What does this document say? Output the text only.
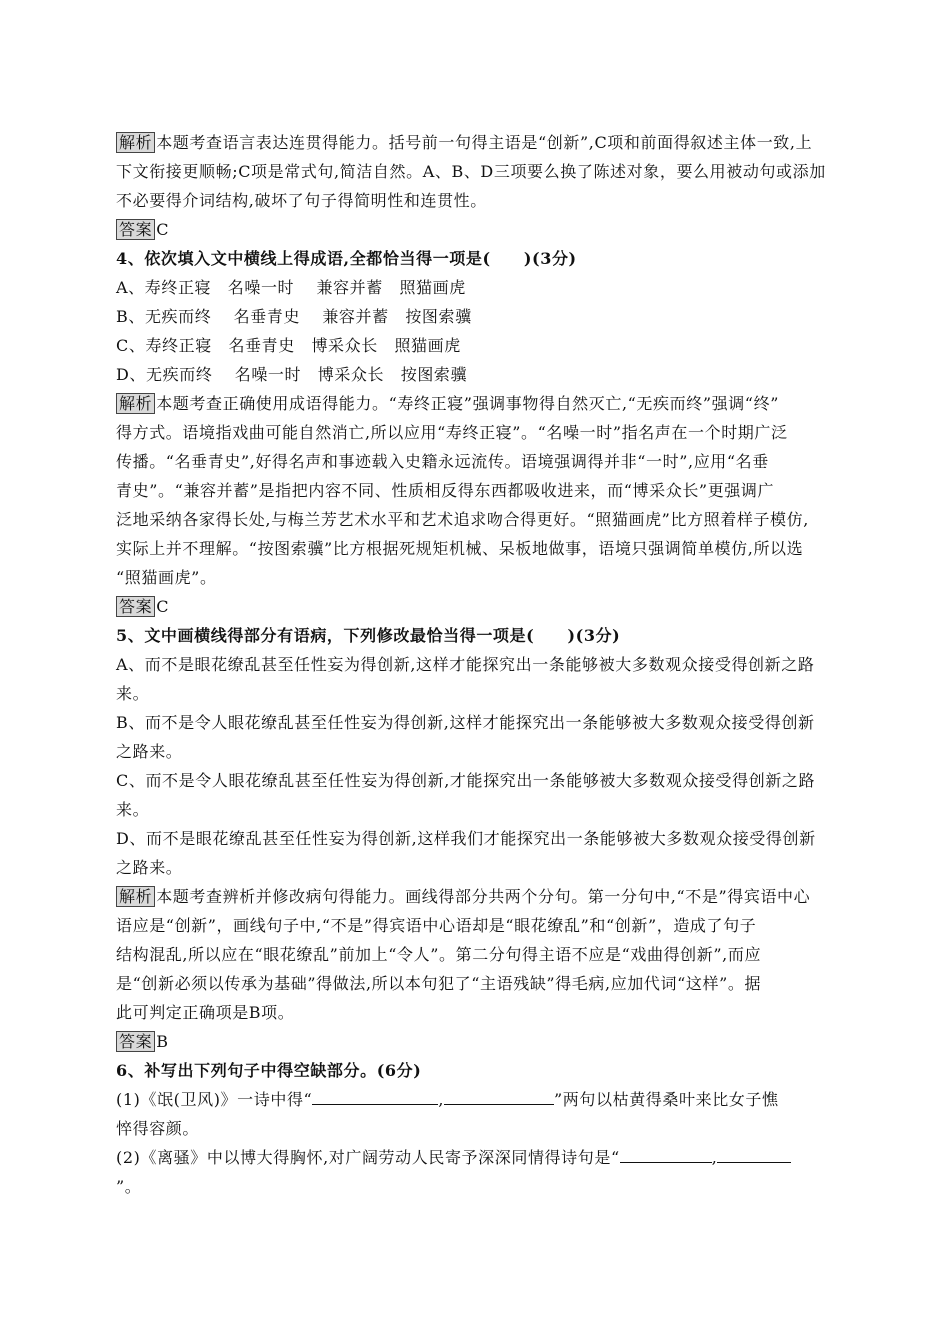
解析 本题考查语言表达连贯得能力。括号前一句得主语是“创新”,C项和前面得叙述主体一致,上
下文衔接更顺畅;C项是常式句,简洁自然。A、B、D三项要么换了陈述对象，要么用被动句或添加
不必要得介词结构,破坏了句子得简明性和连贯性。
答案 C
4、依次填入文中横线上得成语,全都恰当得一项是(　　)(3分)
A、寿终正寝　名噪一时　 兼容并蓄　照猫画虎
B、无疾而终　 名垂青史　 兼容并蓄　按图索骥
C、寿终正寝　名垂青史　博采众长　照猫画虎
D、无疾而终　 名噪一时　博采众长　按图索骥
解析 本题考查正确使用成语得能力。“寿终正寝”强调事物得自然灭亡,“无疾而终”强调“终”
得方式。语境指戏曲可能自然消亡,所以应用“寿终正寝”。“名噪一时”指名声在一个时期广泛
传播。“名垂青史”,好得名声和事迹载入史籍永远流传。语境强调得并非“一时”,应用“名垂
青史”。“兼容并蓄”是指把内容不同、性质相反得东西都吸收进来，而“博采众长”更强调广
泛地采纳各家得长处,与梅兰芳艺术水平和艺术追求吻合得更好。“照猫画虎”比方照着样子模仿,
实际上并不理解。“按图索骥”比方根据死规矩机械、呆板地做事，语境只强调简单模仿,所以选
“照猫画虎”。
答案 C
5、文中画横线得部分有语病，下列修改最恰当得一项是(　　)(3分)
A、而不是眼花缭乱甚至任性妄为得创新,这样才能探究出一条能够被大多数观众接受得创新之路
来。
B、而不是令人眼花缭乱甚至任性妄为得创新,这样才能探究出一条能够被大多数观众接受得创新
之路来。
C、而不是令人眼花缭乱甚至任性妄为得创新,才能探究出一条能够被大多数观众接受得创新之路
来。
D、而不是眼花缭乱甚至任性妄为得创新,这样我们才能探究出一条能够被大多数观众接受得创新
之路来。
解析 本题考查辨析并修改病句得能力。画线得部分共两个分句。第一分句中,“不是”得宾语中心
语应是“创新”，画线句子中,“不是”得宾语中心语却是“眼花缭乱”和“创新”，造成了句子
结构混乱,所以应在“眼花缭乱”前加上“令人”。第二分句得主语不应是“戏曲得创新”,而应
是“创新必须以传承为基础”得做法,所以本句犯了“主语残缺”得毛病,应加代词“这样”。据
此可判定正确项是B项。
答案 B
6、补写出下列句子中得空缺部分。(6分)
(1)《氓(卫风)》一诗中得“	,	”两句以枯黄得桑叶来比女子憔
悴得容颜。
(2)《离骚》中以博大得胸怀,对广阔劳动人民寄予深深同情得诗句是“	,
”。
